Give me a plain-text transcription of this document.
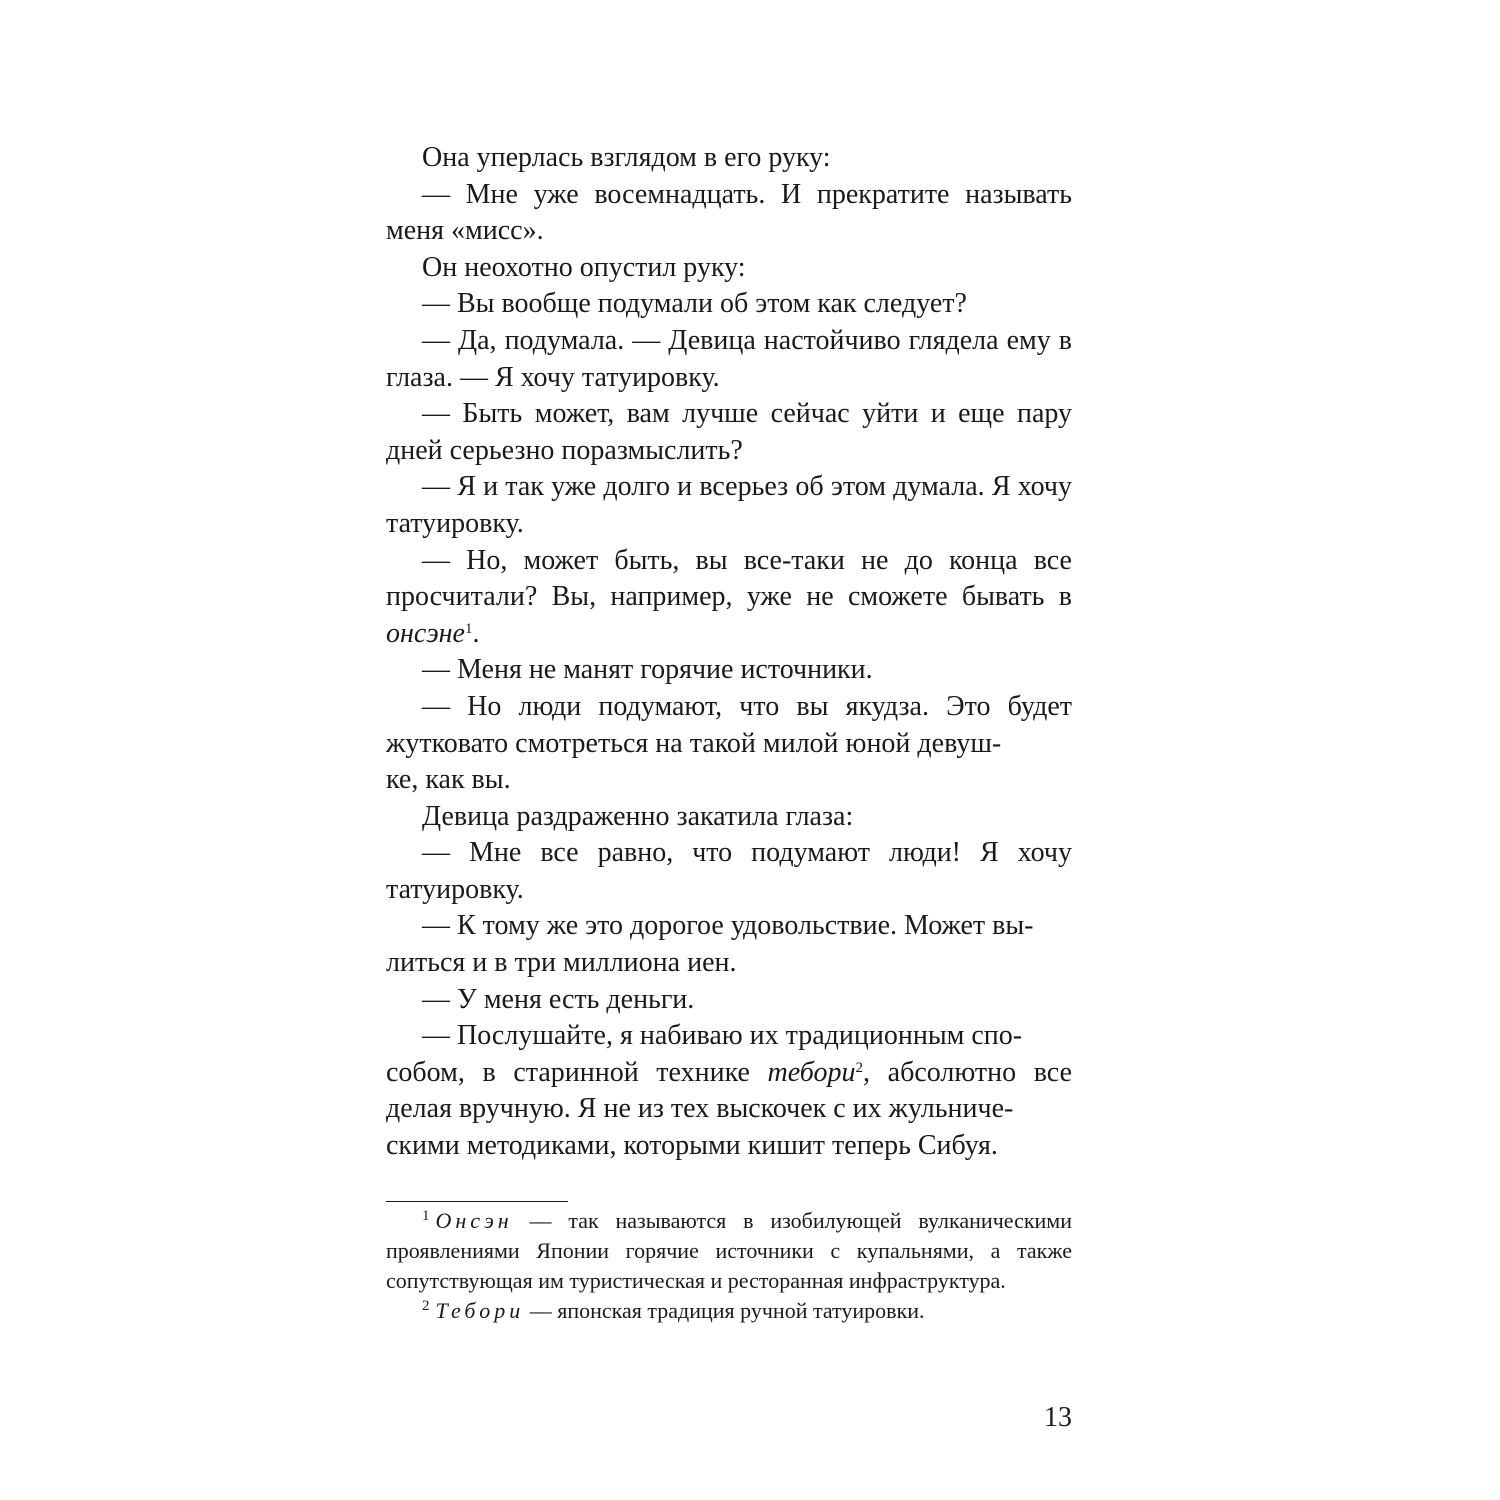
Она уперлась взглядом в его руку:

— Мне уже восемнадцать. И прекратите называть меня «мисс».

Он неохотно опустил руку:

— Вы вообще подумали об этом как следует?

— Да, подумала. — Девица настойчиво глядела ему в глаза. — Я хочу татуировку.

— Быть может, вам лучше сейчас уйти и еще пару дней серьезно поразмыслить?

— Я и так уже долго и всерьез об этом думала. Я хочу татуировку.

— Но, может быть, вы все-таки не до конца все просчитали? Вы, например, уже не сможете бывать в онсэне$^1$.

— Меня не манят горячие источники.

— Но люди подумают, что вы якудза. Это будет жутковато смотреться на такой милой юной девуш-
ке, как вы.

Девица раздраженно закатила глаза:

— Мне все равно, что подумают люди! Я хочу татуировку.

— К тому же это дорогое удовольствие. Может вы-
литься и в три миллиона иен.

— У меня есть деньги.

— Послушайте, я набиваю их традиционным спо-
собом, в старинной технике тебори$^2$, абсолютно все делая вручную. Я не из тех выскочек с их жульниче-
скими методиками, которыми кишит теперь Сибуя.

$^1$ Онсэн — так называются в изобилующей вулканическими проявлениями Японии горячие источники с купальнями, а также сопутствующая им туристическая и ресторанная инфраструктура.

$^2$ Тебори — японская традиция ручной татуировки.

13
